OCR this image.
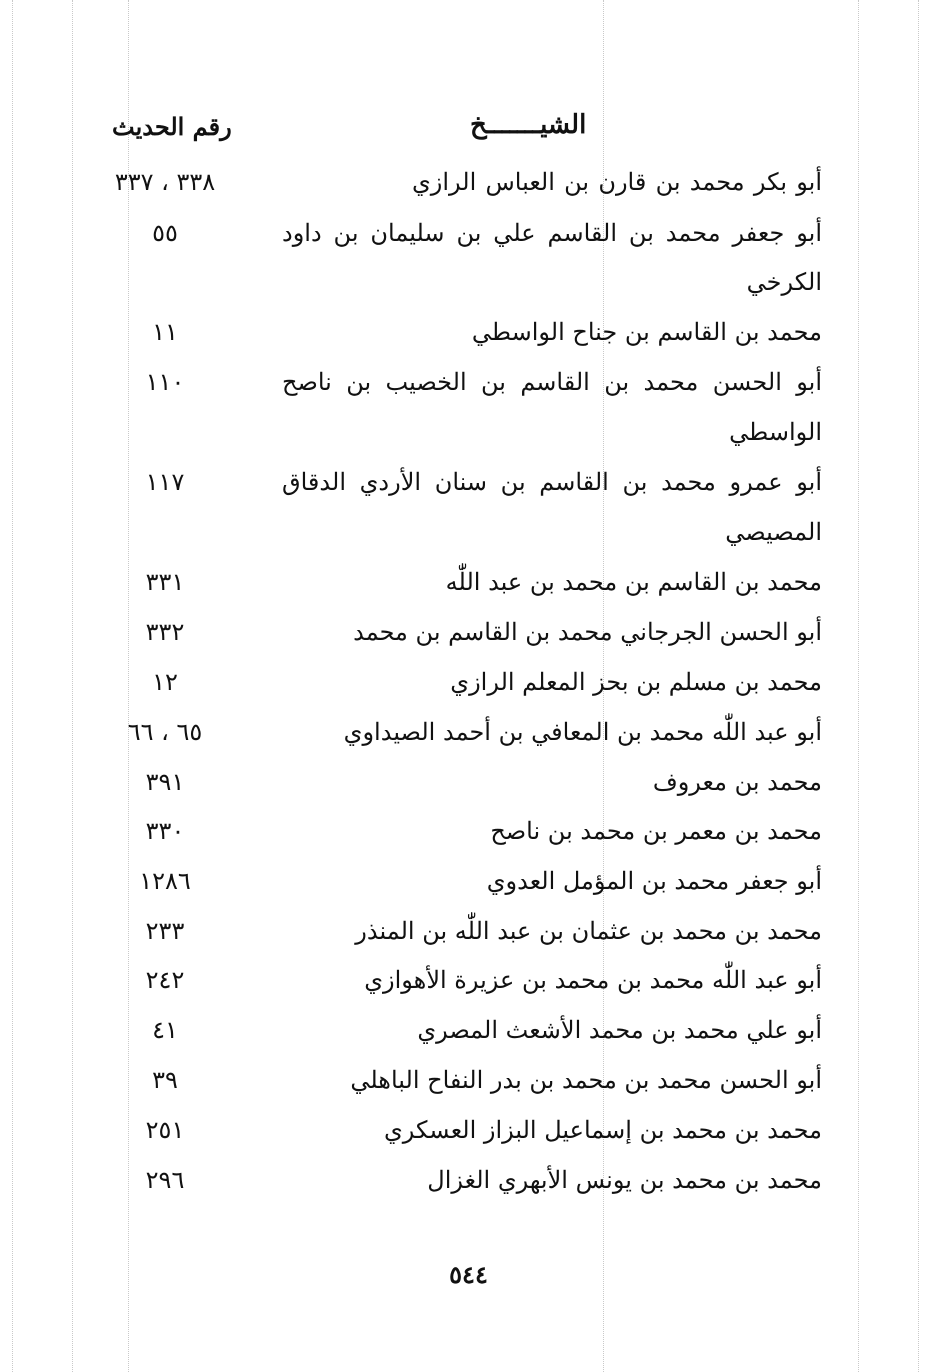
الشيـــــــخ
رقم الحديث
أبو بكر محمد بن قارن بن العباس الرازي
٣٣٨ ، ٣٣٧
أبو جعفر محمد بن القاسم علي بن سليمان بن داود
٥٥
الكرخي
محمد بن القاسم بن جناح الواسطي
١١
أبو الحسن محمد بن القاسم بن الخصيب بن ناصح
١١٠
الواسطي
أبو عمرو محمد بن القاسم بن سنان الأردي الدقاق
١١٧
المصيصي
محمد بن القاسم بن محمد بن عبد اللّٰه
٣٣١
أبو الحسن الجرجاني محمد بن القاسم بن محمد
٣٣٢
محمد بن مسلم بن بحز المعلم الرازي
١٢
أبو عبد اللّٰه محمد بن المعافي بن أحمد الصيداوي
٦٥ ، ٦٦
محمد بن معروف
٣٩١
محمد بن معمر بن محمد بن ناصح
٣٣٠
أبو جعفر محمد بن المؤمل العدوي
١٢٨٦
محمد بن محمد بن عثمان بن عبد اللّٰه بن المنذر
٢٣٣
أبو عبد اللّٰه محمد بن محمد بن عزيرة الأهوازي
٢٤٢
أبو علي محمد بن محمد الأشعث المصري
٤١
أبو الحسن محمد بن محمد بن بدر النفاح الباهلي
٣٩
محمد بن محمد بن إسماعيل البزاز العسكري
٢٥١
محمد بن محمد بن يونس الأبهري الغزال
٢٩٦
٥٤٤
